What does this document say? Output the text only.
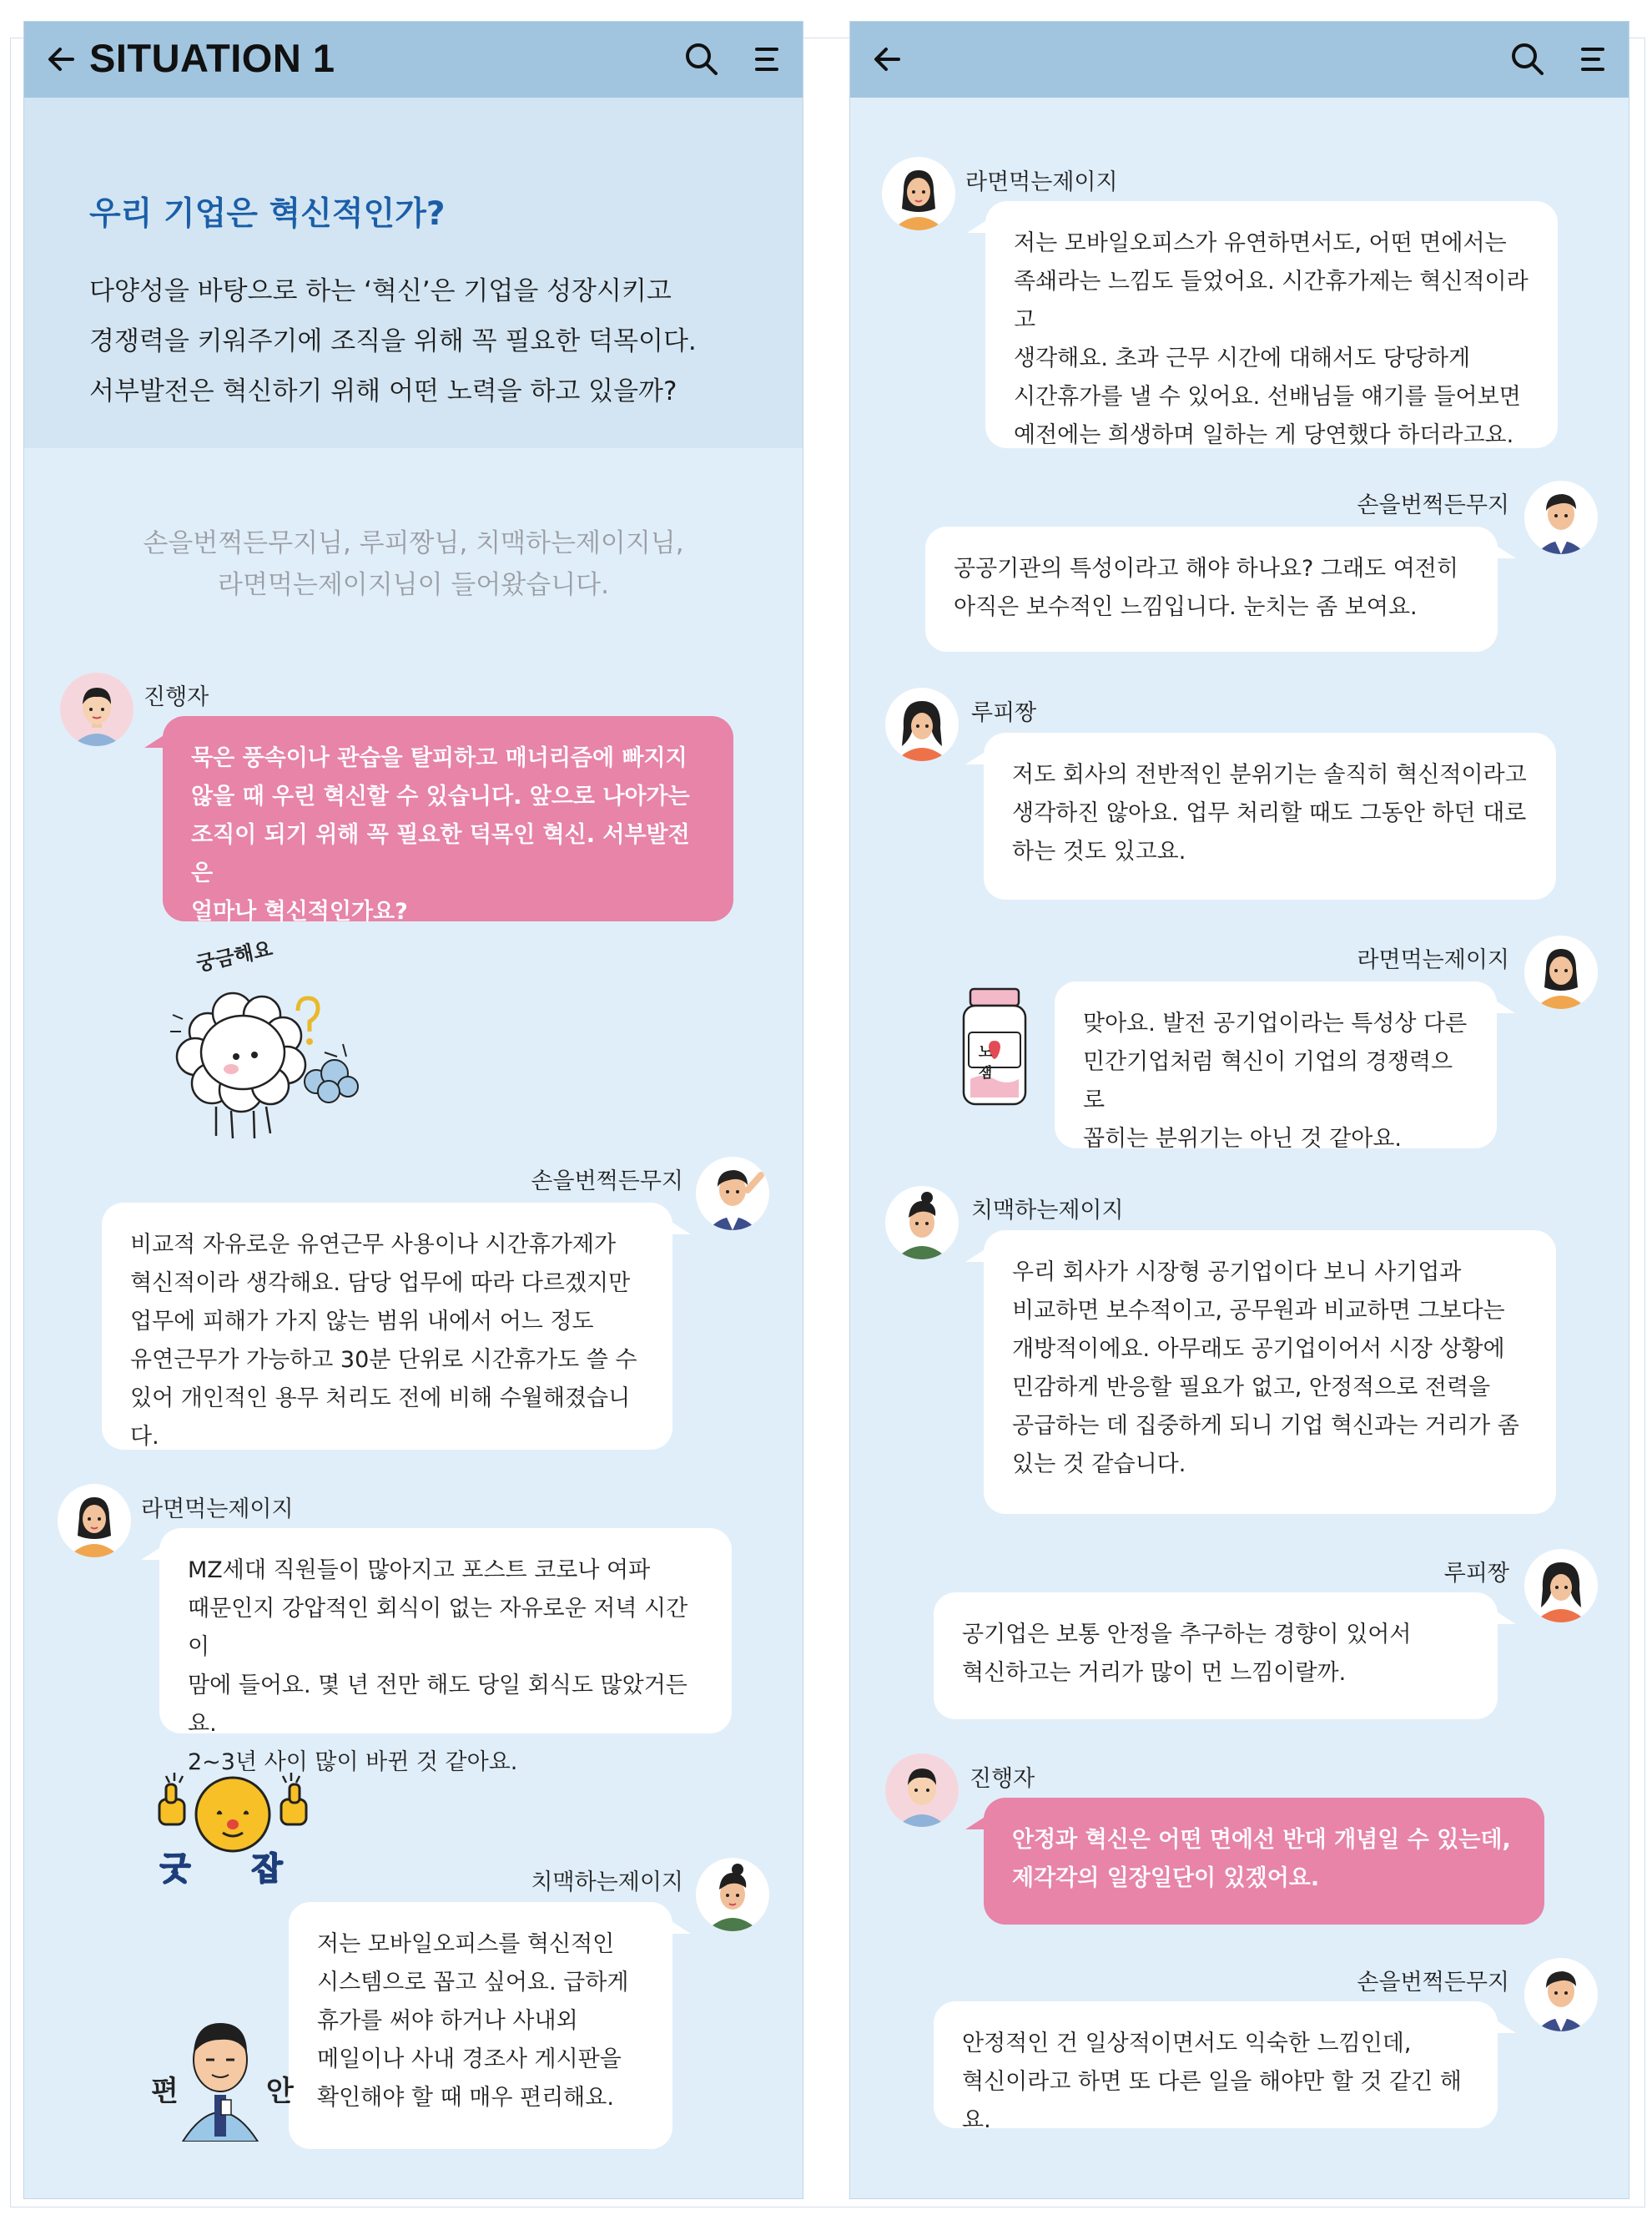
SITUATION 1
우리 기업은 혁신적인가?

다양성을 바탕으로 하는 ‘혁신’은 기업을 성장시키고
경쟁력을 키워주기에 조직을 위해 꼭 필요한 덕목이다.
서부발전은 혁신하기 위해 어떤 노력을 하고 있을까?

손을번쩍든무지님, 루피짱님, 치맥하는제이지님,
라면먹는제이지님이 들어왔습니다.
진행자
묵은 풍속이나 관습을 탈피하고 매너리즘에 빠지지
않을 때 우린 혁신할 수 있습니다. 앞으로 나아가는
조직이 되기 위해 꼭 필요한 덕목인 혁신. 서부발전은
얼마나 혁신적인가요?
궁금해요
손을번쩍든무지
비교적 자유로운 유연근무 사용이나 시간휴가제가
혁신적이라 생각해요. 담당 업무에 따라 다르겠지만
업무에 피해가 가지 않는 범위 내에서 어느 정도
유연근무가 가능하고 30분 단위로 시간휴가도 쓸 수
있어 개인적인 용무 처리도 전에 비해 수월해졌습니다.
라면먹는제이지
MZ세대 직원들이 많아지고 포스트 코로나 여파
때문인지 강압적인 회식이 없는 자유로운 저녁 시간이
맘에 들어요. 몇 년 전만 해도 당일 회식도 많았거든요.
2~3년 사이 많이 바뀐 것 같아요.
굿 잡	치맥하는제이지
저는 모바일오피스를 혁신적인
시스템으로 꼽고 싶어요. 급하게
휴가를 써야 하거나 사내외
메일이나 사내 경조사 게시판을
확인해야 할 때 매우 편리해요.
편	안
라면먹는제이지
저는 모바일오피스가 유연하면서도, 어떤 면에서는
족쇄라는 느낌도 들었어요. 시간휴가제는 혁신적이라고
생각해요. 초과 근무 시간에 대해서도 당당하게
시간휴가를 낼 수 있어요. 선배님들 얘기를 들어보면
예전에는 희생하며 일하는 게 당연했다 하더라고요.
손을번쩍든무지
공공기관의 특성이라고 해야 하나요? 그래도 여전히
아직은 보수적인 느낌입니다. 눈치는 좀 보여요.
루피짱
저도 회사의 전반적인 분위기는 솔직히 혁신적이라고
생각하진 않아요. 업무 처리할 때도 그동안 하던 대로
하는 것도 있고요.
라면먹는제이지
맞아요. 발전 공기업이라는 특성상 다른
민간기업처럼 혁신이 기업의 경쟁력으로
꼽히는 분위기는 아닌 것 같아요.
노잼
치맥하는제이지
우리 회사가 시장형 공기업이다 보니 사기업과
비교하면 보수적이고, 공무원과 비교하면 그보다는
개방적이에요. 아무래도 공기업이어서 시장 상황에
민감하게 반응할 필요가 없고, 안정적으로 전력을
공급하는 데 집중하게 되니 기업 혁신과는 거리가 좀
있는 것 같습니다.
루피짱
공기업은 보통 안정을 추구하는 경향이 있어서
혁신하고는 거리가 많이 먼 느낌이랄까.
진행자
안정과 혁신은 어떤 면에선 반대 개념일 수 있는데,
제각각의 일장일단이 있겠어요.
손을번쩍든무지
안정적인 건 일상적이면서도 익숙한 느낌인데,
혁신이라고 하면 또 다른 일을 해야만 할 것 같긴 해요.
